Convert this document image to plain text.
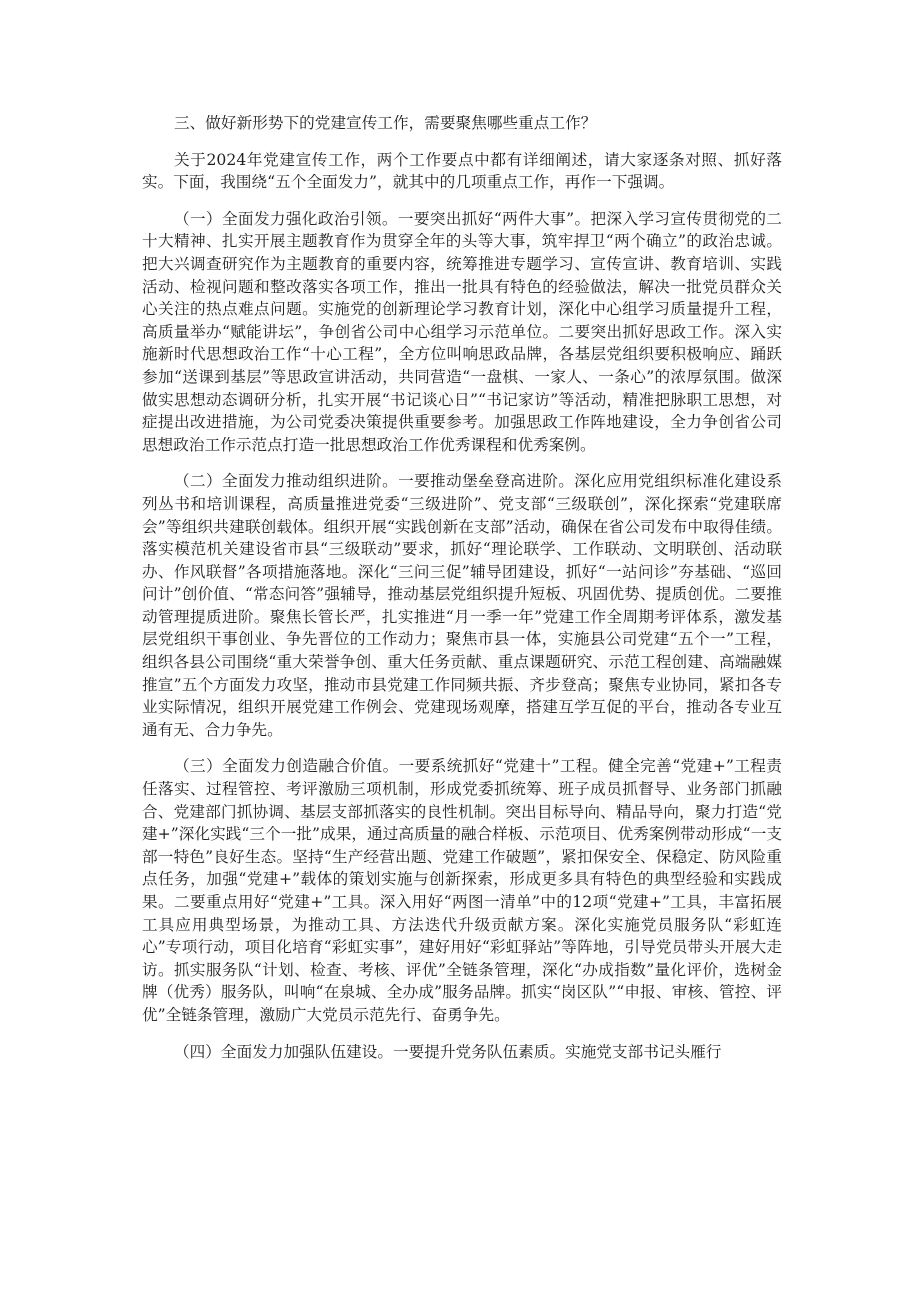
三、做好新形势下的党建宣传工作，需要聚焦哪些重点工作？

关于2024年党建宣传工作，两个工作要点中都有详细阐述，请大家逐条对照、抓好落实。下面，我围绕“五个全面发力”，就其中的几项重点工作，再作一下强调。

（一）全面发力强化政治引领。一要突出抓好“两件大事”。把深入学习宣传贯彻党的二十大精神、扎实开展主题教育作为贯穿全年的头等大事，筑牢捍卫“两个确立”的政治忠诚。把大兴调查研究作为主题教育的重要内容，统筹推进专题学习、宣传宣讲、教育培训、实践活动、检视问题和整改落实各项工作，推出一批具有特色的经验做法，解决一批党员群众关心关注的热点难点问题。实施党的创新理论学习教育计划，深化中心组学习质量提升工程，高质量举办“赋能讲坛”，争创省公司中心组学习示范单位。二要突出抓好思政工作。深入实施新时代思想政治工作“十心工程”，全方位叫响思政品牌，各基层党组织要积极响应、踊跃参加“送课到基层”等思政宣讲活动，共同营造“一盘棋、一家人、一条心”的浓厚氛围。做深做实思想动态调研分析，扎实开展“书记谈心日”“书记家访”等活动，精准把脉职工思想，对症提出改进措施，为公司党委决策提供重要参考。加强思政工作阵地建设，全力争创省公司思想政治工作示范点打造一批思想政治工作优秀课程和优秀案例。

（二）全面发力推动组织进阶。一要推动堡垒登高进阶。深化应用党组织标准化建设系列丛书和培训课程，高质量推进党委“三级进阶”、党支部“三级联创”，深化探索“党建联席会”等组织共建联创载体。组织开展“实践创新在支部”活动，确保在省公司发布中取得佳绩。落实模范机关建设省市县“三级联动”要求，抓好“理论联学、工作联动、文明联创、活动联办、作风联督”各项措施落地。深化“三问三促”辅导团建设，抓好“一站问诊”夯基础、“巡回问计”创价值、“常态问答”强辅导，推动基层党组织提升短板、巩固优势、提质创优。二要推动管理提质进阶。聚焦长管长严，扎实推进“月一季一年”党建工作全周期考评体系，激发基层党组织干事创业、争先晋位的工作动力；聚焦市县一体，实施县公司党建“五个一”工程，组织各县公司围绕“重大荣誉争创、重大任务贡献、重点课题研究、示范工程创建、高端融媒推宣”五个方面发力攻坚，推动市县党建工作同频共振、齐步登高；聚焦专业协同，紧扣各专业实际情况，组织开展党建工作例会、党建现场观摩，搭建互学互促的平台，推动各专业互通有无、合力争先。

（三）全面发力创造融合价值。一要系统抓好“党建十”工程。健全完善“党建+”工程责任落实、过程管控、考评激励三项机制，形成党委抓统筹、班子成员抓督导、业务部门抓融合、党建部门抓协调、基层支部抓落实的良性机制。突出目标导向、精品导向，聚力打造“党建+”深化实践“三个一批”成果，通过高质量的融合样板、示范项目、优秀案例带动形成“一支部一特色”良好生态。坚持“生产经营出题、党建工作破题”，紧扣保安全、保稳定、防风险重点任务，加强“党建+”载体的策划实施与创新探索，形成更多具有特色的典型经验和实践成果。二要重点用好“党建+”工具。深入用好“两图一清单”中的12项“党建+”工具，丰富拓展工具应用典型场景，为推动工具、方法迭代升级贡献方案。深化实施党员服务队“彩虹连心”专项行动，项目化培育“彩虹实事”，建好用好“彩虹驿站”等阵地，引导党员带头开展大走访。抓实服务队“计划、检查、考核、评优”全链条管理，深化“办成指数”量化评价，选树金牌（优秀）服务队，叫响“在泉城、全办成”服务品牌。抓实“岗区队”“申报、审核、管控、评优”全链条管理，激励广大党员示范先行、奋勇争先。

（四）全面发力加强队伍建设。一要提升党务队伍素质。实施党支部书记头雁行
